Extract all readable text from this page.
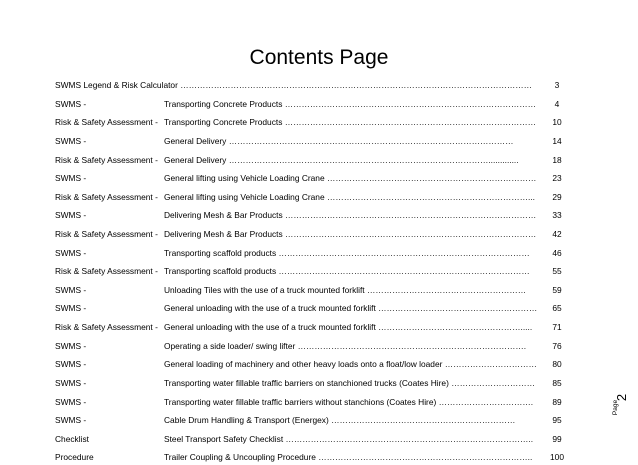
Contents Page
SWMS Legend & Risk Calculator ………………………………………………………………………………………………………………	3
SWMS -	Transporting Concrete Products ………………………………………………………………………………	4
Risk & Safety Assessment - Transporting Concrete Products ………………………………………………………………………………	10
SWMS -	General Delivery …………………………………………………………………………………………	14
Risk & Safety Assessment - General Delivery ………………………………………………………………………………….............	18
SWMS -	General lifting using Vehicle Loading Crane …………………………………………………………………	23
Risk & Safety Assessment - General lifting using Vehicle Loading Crane ………………………………………………………………...	29
SWMS -	Delivering Mesh & Bar Products ………………………………………………………………………………	33
Risk & Safety Assessment - Delivering Mesh & Bar Products ………………………………………………………………………………	42
SWMS -	Transporting scaffold products ………………………………………………………………………………	46
Risk & Safety Assessment - Transporting scaffold products ………………………………………………………………………………	55
SWMS -	Unloading Tiles with the use of a truck mounted forklift …………………………………………………	59
SWMS -	General unloading with the use of a truck mounted forklift …………………………………………………	65
Risk & Safety Assessment - General unloading with the use of a truck mounted forklift …………………………………………….....	71
SWMS -	Operating a side loader/ swing lifter ……………………………………………………………………….	76
SWMS -	General loading of machinery and other heavy loads onto a float/low loader ……………………………	80
SWMS -	Transporting water fillable traffic barriers on stanchioned trucks (Coates Hire) …………………………	85
SWMS -	Transporting water fillable traffic barriers without stanchions (Coates Hire) …………………………….	89
SWMS -	Cable Drum Handling & Transport (Energex) …………………………………………………………	95
Checklist	Steel Transport Safety Checklist ……………………………………………………………………………..	99
Procedure	Trailer Coupling & Uncoupling Procedure …………………………………………………………………..	100
Page
2
